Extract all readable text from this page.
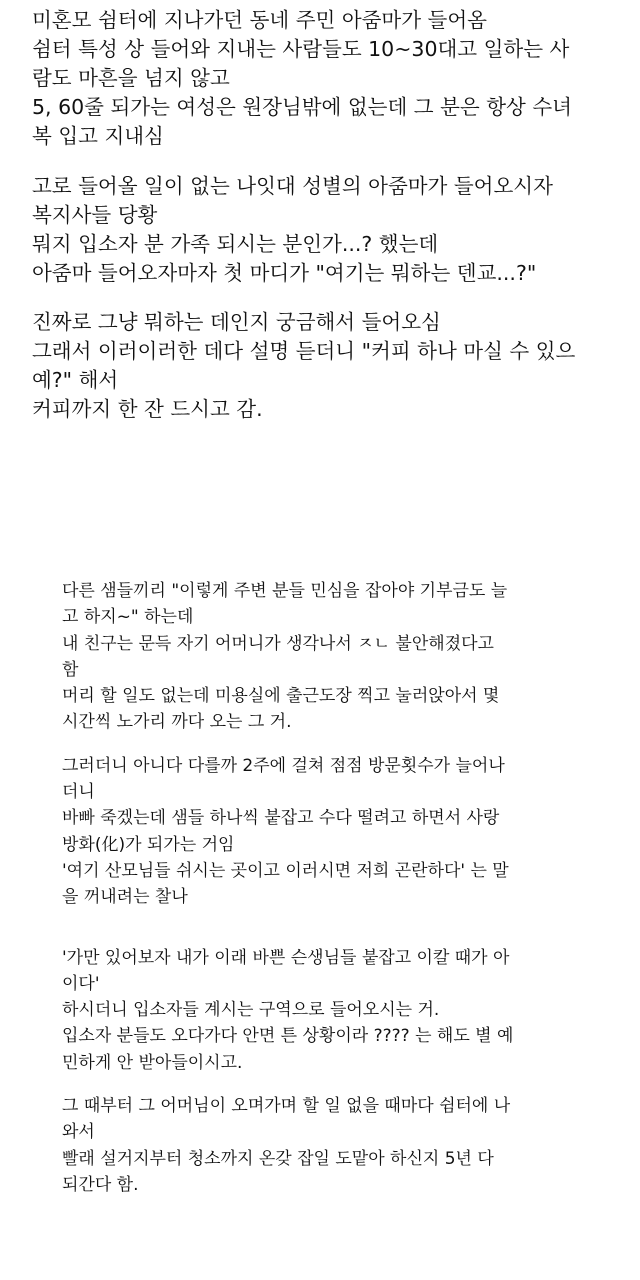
미혼모 쉼터에 지나가던 동네 주민 아줌마가 들어옴
쉼터 특성 상 들어와 지내는 사람들도 10~30대고 일하는 사
람도 마흔을 넘지 않고
5, 60줄 되가는 여성은 원장님밖에 없는데 그 분은 항상 수녀
복 입고 지내심
고로 들어올 일이 없는 나잇대 성별의 아줌마가 들어오시자
복지사들 당황
뭐지 입소자 분 가족 되시는 분인가...? 했는데
아줌마 들어오자마자 첫 마디가 "여기는 뭐하는 덴교...?"
진짜로 그냥 뭐하는 데인지 궁금해서 들어오심
그래서 이러이러한 데다 설명 듣더니 "커피 하나 마실 수 있으
예?" 해서
커피까지 한 잔 드시고 감.
다른 샘들끼리 "이렇게 주변 분들 민심을 잡아야 기부금도 늘
고 하지~" 하는데
내 친구는 문득 자기 어머니가 생각나서 ㅈㄴ 불안해졌다고
함
머리 할 일도 없는데 미용실에 출근도장 찍고 눌러앉아서 몇
시간씩 노가리 까다 오는 그 거.
그러더니 아니다 다를까 2주에 걸쳐 점점 방문횟수가 늘어나
더니
바빠 죽겠는데 샘들 하나씩 붙잡고 수다 떨려고 하면서 사랑
방화(化)가 되가는 거임
'여기 산모님들 쉬시는 곳이고 이러시면 저희 곤란하다' 는 말
을 꺼내려는 찰나
'가만 있어보자 내가 이래 바쁜 슨생님들 붙잡고 이칼 때가 아
이다'
하시더니 입소자들 계시는 구역으로 들어오시는 거.
입소자 분들도 오다가다 안면 튼 상황이라 ???? 는 해도 별 예
민하게 안 받아들이시고.
그 때부터 그 어머님이 오며가며 할 일 없을 때마다 쉼터에 나
와서
빨래 설거지부터 청소까지 온갖 잡일 도맡아 하신지 5년 다
되간다 함.
